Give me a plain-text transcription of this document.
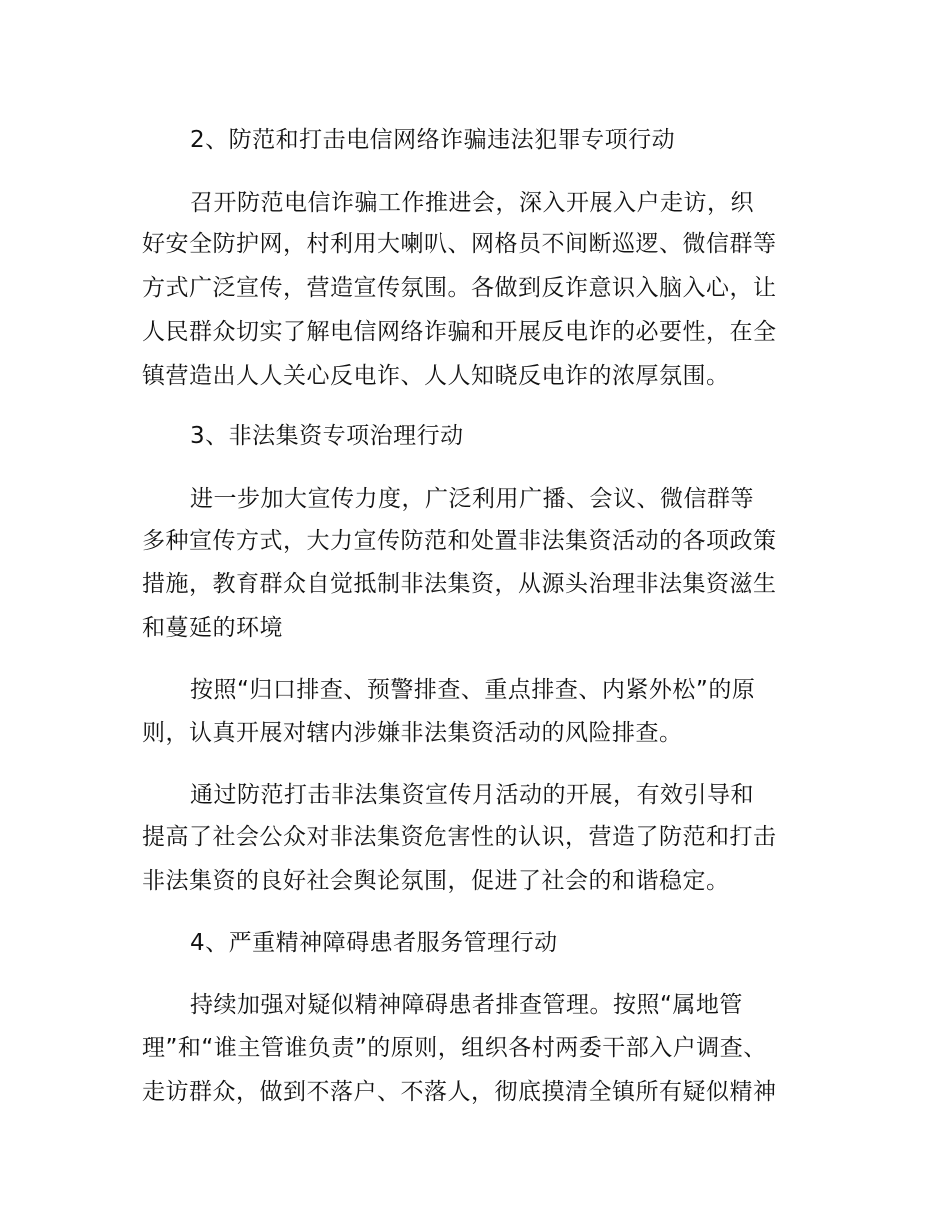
2、防范和打击电信网络诈骗违法犯罪专项行动
召开防范电信诈骗工作推进会，深入开展入户走访，织
好安全防护网，村利用大喇叭、网格员不间断巡逻、微信群等
方式广泛宣传，营造宣传氛围。各做到反诈意识入脑入心，让
人民群众切实了解电信网络诈骗和开展反电诈的必要性，在全
镇营造出人人关心反电诈、人人知晓反电诈的浓厚氛围。
3、非法集资专项治理行动
进一步加大宣传力度，广泛利用广播、会议、微信群等
多种宣传方式，大力宣传防范和处置非法集资活动的各项政策
措施，教育群众自觉抵制非法集资，从源头治理非法集资滋生
和蔓延的环境
按照“归口排查、预警排查、重点排查、内紧外松”的原
则，认真开展对辖内涉嫌非法集资活动的风险排查。
通过防范打击非法集资宣传月活动的开展，有效引导和
提高了社会公众对非法集资危害性的认识，营造了防范和打击
非法集资的良好社会舆论氛围，促进了社会的和谐稳定。
4、严重精神障碍患者服务管理行动
持续加强对疑似精神障碍患者排查管理。按照“属地管
理”和“谁主管谁负责”的原则，组织各村两委干部入户调查、
走访群众，做到不落户、不落人，彻底摸清全镇所有疑似精神
